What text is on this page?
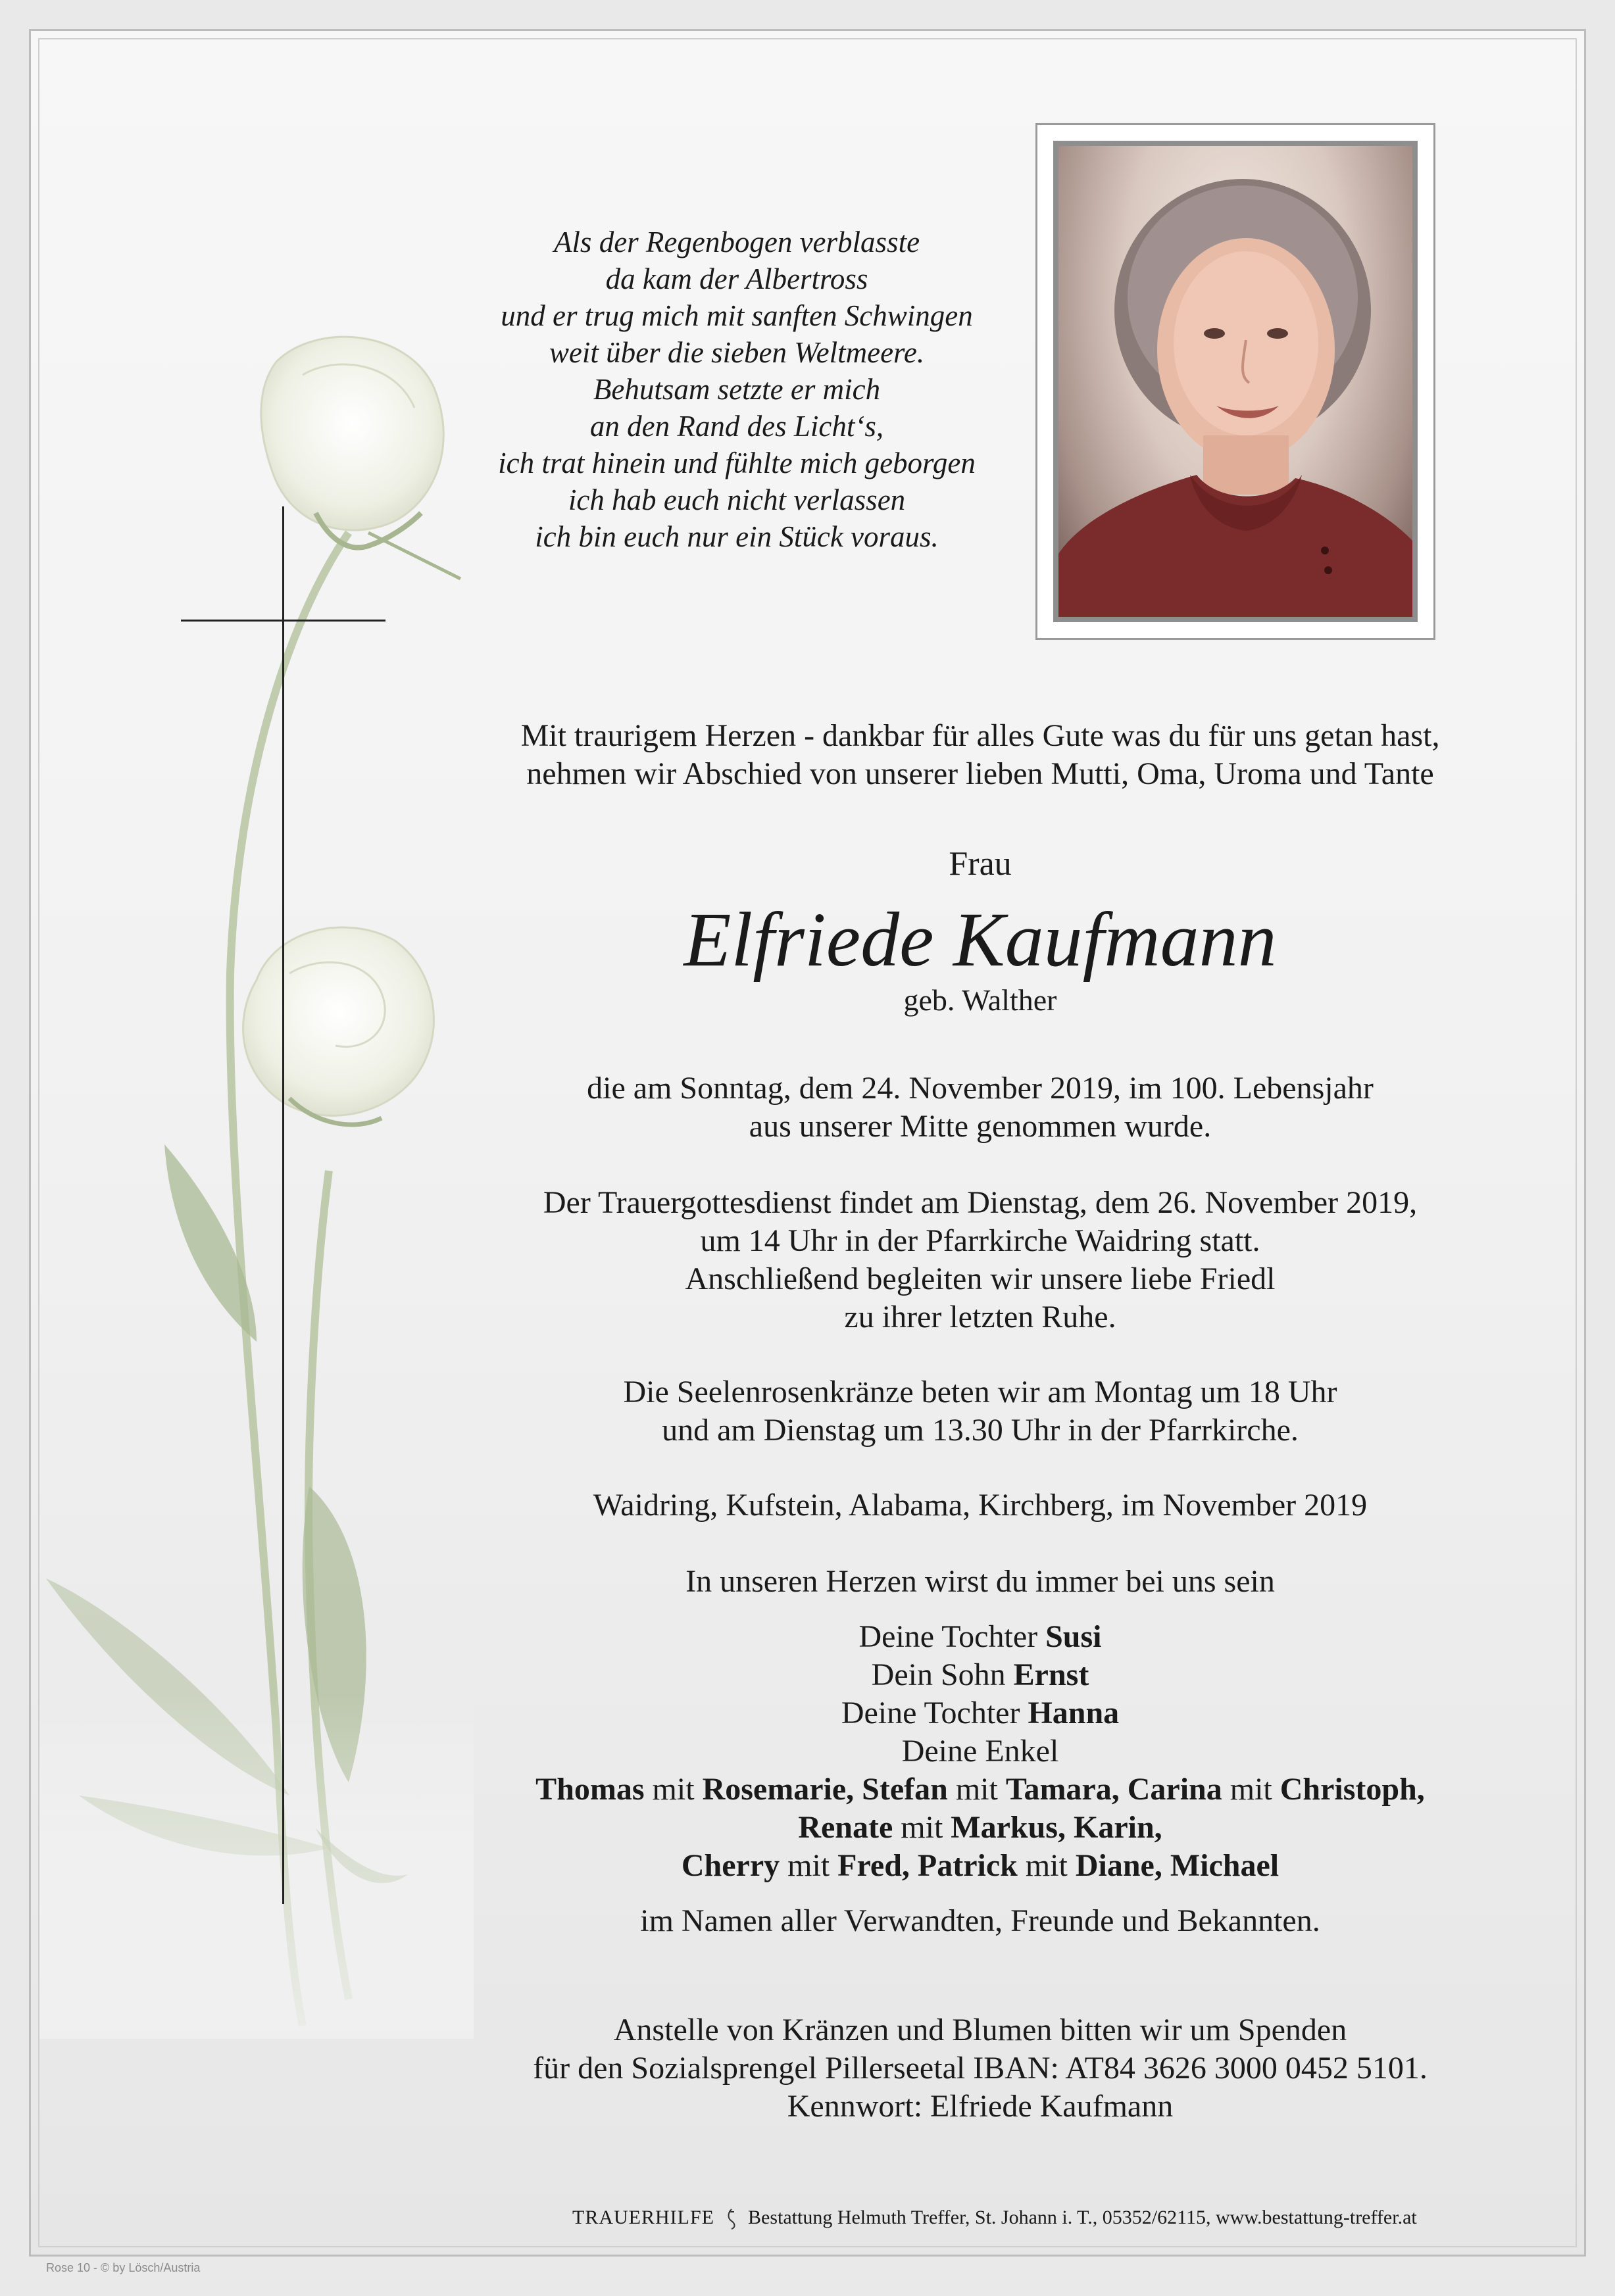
Als der Regenbogen verblasste
da kam der Albertross
und er trug mich mit sanften Schwingen
weit über die sieben Weltmeere.
Behutsam setzte er mich
an den Rand des Licht‘s,
ich trat hinein und fühlte mich geborgen
ich hab euch nicht verlassen
ich bin euch nur ein Stück voraus.
Mit traurigem Herzen - dankbar für alles Gute was du für uns getan hast,
nehmen wir Abschied von unserer lieben Mutti, Oma, Uroma und Tante
Frau
Elfriede Kaufmann
geb. Walther
die am Sonntag, dem 24. November 2019, im 100. Lebensjahr
aus unserer Mitte genommen wurde.
Der Trauergottesdienst findet am Dienstag, dem 26. November 2019,
um 14 Uhr in der Pfarrkirche Waidring statt.
Anschließend begleiten wir unsere liebe Friedl
zu ihrer letzten Ruhe.
Die Seelenrosenkränze beten wir am Montag um 18 Uhr
und am Dienstag um 13.30 Uhr in der Pfarrkirche.
Waidring, Kufstein, Alabama, Kirchberg, im November 2019
In unseren Herzen wirst du immer bei uns sein
Deine Tochter Susi
Dein Sohn Ernst
Deine Tochter Hanna
Deine Enkel
Thomas mit Rosemarie, Stefan mit Tamara, Carina mit Christoph,
Renate mit Markus, Karin,
Cherry mit Fred, Patrick mit Diane, Michael
im Namen aller Verwandten, Freunde und Bekannten.
Anstelle von Kränzen und Blumen bitten wir um Spenden
für den Sozialsprengel Pillerseetal IBAN: AT84 3626 3000 0452 5101.
Kennwort: Elfriede Kaufmann
TRAUERHILFE Bestattung Helmuth Treffer, St. Johann i. T., 05352/62115, www.bestattung-treffer.at
Rose 10 - © by Lösch/Austria
